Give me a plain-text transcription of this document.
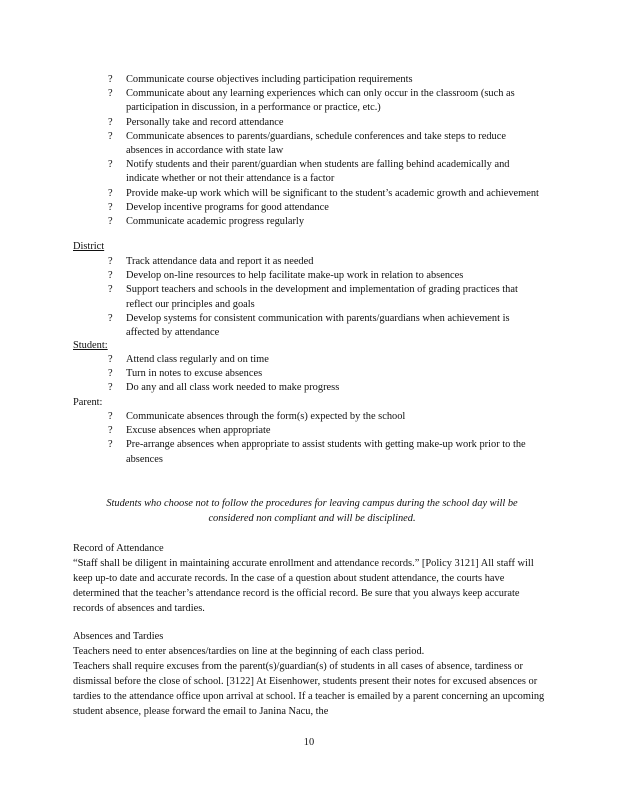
? Communicate course objectives including participation requirements
? Communicate about any learning experiences which can only occur in the classroom (such as participation in discussion, in a performance or practice, etc.)
? Personally take and record attendance
? Communicate absences to parents/guardians, schedule conferences and take steps to reduce absences in accordance with state law
? Notify students and their parent/guardian when students are falling behind academically and indicate whether or not their attendance is a factor
? Provide make-up work which will be significant to the student’s academic growth and achievement
? Develop incentive programs for good attendance
? Communicate academic progress regularly
District
? Track attendance data and report it as needed
? Develop on-line resources to help facilitate make-up work in relation to absences
? Support teachers and schools in the development and implementation of grading practices that reflect our principles and goals
? Develop systems for consistent communication with parents/guardians when achievement is affected by attendance
Student:
? Attend class regularly and on time
? Turn in notes to excuse absences
? Do any and all class work needed to make progress
Parent:
? Communicate absences through the form(s) expected by the school
? Excuse absences when appropriate
? Pre-arrange absences when appropriate to assist students with getting make-up work prior to the absences
Students who choose not to follow the procedures for leaving campus during the school day will be considered non compliant and will be disciplined.
Record of Attendance
“Staff shall be diligent in maintaining accurate enrollment and attendance records.” [Policy 3121] All staff will keep up-to date and accurate records. In the case of a question about student attendance, the courts have determined that the teacher’s attendance record is the official record. Be sure that you always keep accurate records of absences and tardies.
Absences and Tardies
Teachers need to enter absences/tardies on line at the beginning of each class period.
Teachers shall require excuses from the parent(s)/guardian(s) of students in all cases of absence, tardiness or dismissal before the close of school. [3122] At Eisenhower, students present their notes for excused absences or tardies to the attendance office upon arrival at school. If a teacher is emailed by a parent concerning an upcoming student absence, please forward the email to Janina Nacu, the
10
